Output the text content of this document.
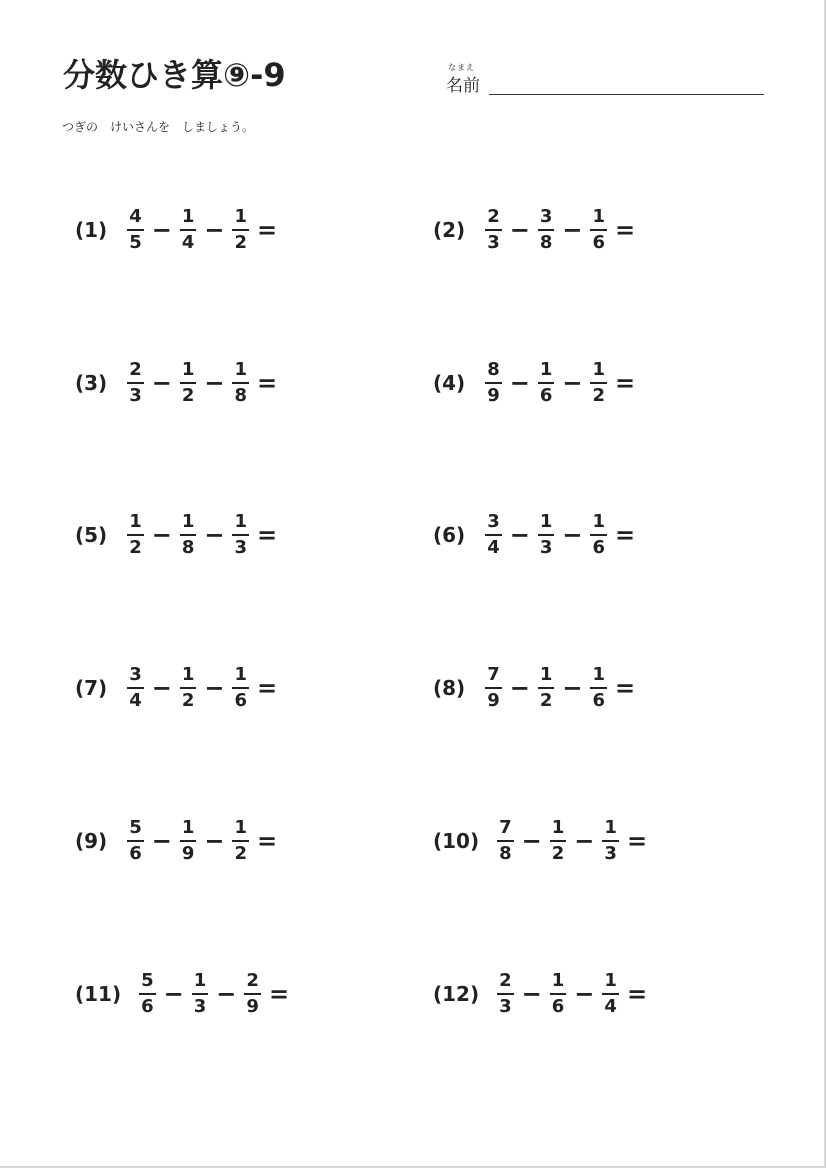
分数ひき算⑨-9	なまえ
名前
つぎの　けいさんを　しましょう。
$(1) \frac{4}{5} - \frac{1}{4} - \frac{1}{2}$ =	$(2) \frac{2}{3} - \frac{3}{8} - \frac{1}{6}$ =
$(3) \frac{2}{3} - \frac{1}{2} - \frac{1}{8}$ =	$(4) \frac{8}{9} - \frac{1}{6} - \frac{1}{2}$ =
$(5) \frac{1}{2} - \frac{1}{8} - \frac{1}{3}$ =	$(6) \frac{3}{4} - \frac{1}{3} - \frac{1}{6}$ =
$(7) \frac{3}{4} - \frac{1}{2} - \frac{1}{6}$ =	$(8) \frac{7}{9} - \frac{1}{2} - \frac{1}{6}$ =
$(9) \frac{5}{6} - \frac{1}{9} - \frac{1}{2}$ =	$(10) \frac{7}{8} - \frac{1}{2} - \frac{1}{3}$ =
$(11) \frac{5}{6} - \frac{1}{3} - \frac{2}{9}$ =	$(12) \frac{2}{3} - \frac{1}{6} - \frac{1}{4}$ =
